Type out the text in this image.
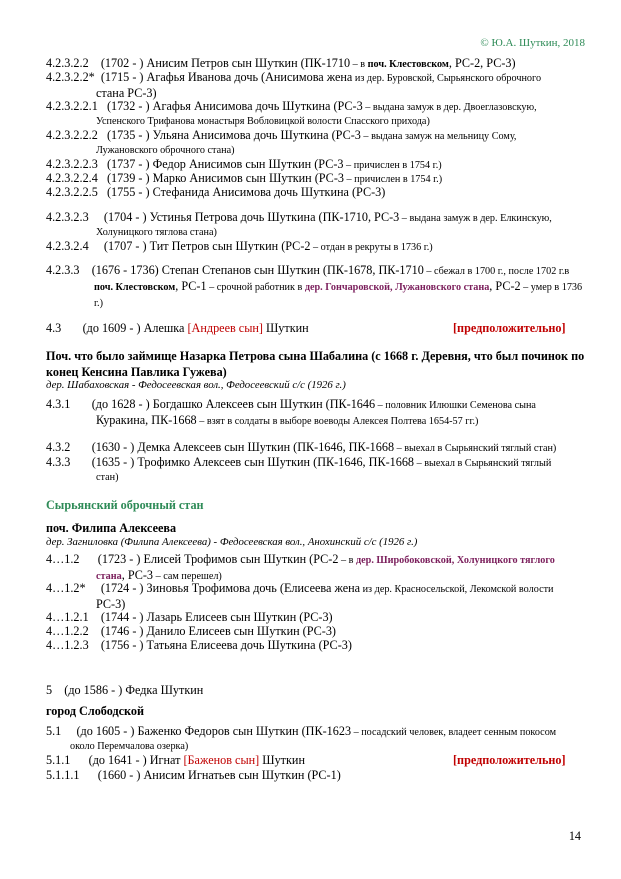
© Ю.А. Шуткин, 2018
4.2.3.2.2 (1702 - ) Анисим Петров сын Шуткин (ПК-1710 – в поч. Клестовском, РС-2, РС-3)
4.2.3.2.2* (1715 - ) Агафья Иванова дочь (Анисимова жена из дер. Буровской, Сырьянского оброчного
стана РС-3)
4.2.3.2.2.1 (1732 - ) Агафья Анисимова дочь Шуткина (РС-3 – выдана замуж в дер. Двоеглазовскую,
Успенского Трифанова монастыря Вобловицкой волости Спасского прихода)
4.2.3.2.2.2 (1735 - ) Ульяна Анисимова дочь Шуткина (РС-3 – выдана замуж на мельницу Сому,
Лужановского оброчного стана)
4.2.3.2.2.3 (1737 - ) Федор Анисимов сын Шуткин (РС-3 – причислен в 1754 г.)
4.2.3.2.2.4 (1739 - ) Марко Анисимов сын Шуткин (РС-3 – причислен в 1754 г.)
4.2.3.2.2.5 (1755 - ) Стефанида Анисимова дочь Шуткина (РС-3)
4.2.3.2.3 (1704 - ) Устинья Петрова дочь Шуткина (ПК-1710, РС-3 – выдана замуж в дер. Елкинскую,
Холуницкого тяглова стана)
4.2.3.2.4 (1707 - ) Тит Петров сын Шуткин (РС-2 – отдан в рекруты в 1736 г.)
4.2.3.3 (1676 - 1736) Степан Степанов сын Шуткин (ПК-1678, ПК-1710 – сбежал в 1700 г., после 1702 г.в
поч. Клестовском, РС-1 – срочной работник в дер. Гончаровской, Лужановского стана, РС-2 – умер в 1736 г.)
4.3 (до 1609 - ) Алешка [Андреев сын] Шуткин	[предположительно]
Поч. что было займище Назарка Петрова сына Шабалина (с 1668 г. Деревня, что был починок по конец Кенсина Павлика Гужева)
дер. Шабаховская - Федосеевская вол., Федосеевский с/с (1926 г.)
4.3.1 (до 1628 - ) Богдашко Алексеев сын Шуткин (ПК-1646 – половник Илюшки Семенова сына
Куракина, ПК-1668 – взят в солдаты в выборе воеводы Алексея Полтева 1654-57 гг.)
4.3.2 (1630 - ) Демка Алексеев сын Шуткин (ПК-1646, ПК-1668 – выехал в Сырьянский тяглый стан)
4.3.3 (1635 - ) Трофимко Алексеев сын Шуткин (ПК-1646, ПК-1668 – выехал в Сырьянский тяглый
стан)
Сырьянский оброчный стан
поч. Филипа Алексеева
дер. Загниловка (Филипа Алексеева) - Федосеевская вол., Анохинский с/с (1926 г.)
4…1.2 (1723 - ) Елисей Трофимов сын Шуткин (РС-2 – в дер. Широбоковской, Холуницкого тяглого
стана, РС-3 – сам перешел)
4…1.2* (1724 - ) Зиновья Трофимова дочь (Елисеева жена из дер. Красносельской, Лекомской волости
РС-3)
4…1.2.1 (1744 - ) Лазарь Елисеев сын Шуткин (РС-3)
4…1.2.2 (1746 - ) Данило Елисеев сын Шуткин (РС-3)
4…1.2.3 (1756 - ) Татьяна Елисеева дочь Шуткина (РС-3)
5 (до 1586 - ) Федка Шуткин
город Слободской
5.1 (до 1605 - ) Баженко Федоров сын Шуткин (ПК-1623 – посадский человек, владеет сенным покосом
около Перемчалова озерка)
5.1.1 (до 1641 - ) Игнат [Баженов сын] Шуткин	[предположительно]
5.1.1.1 (1660 - ) Анисим Игнатьев сын Шуткин (РС-1)
14
